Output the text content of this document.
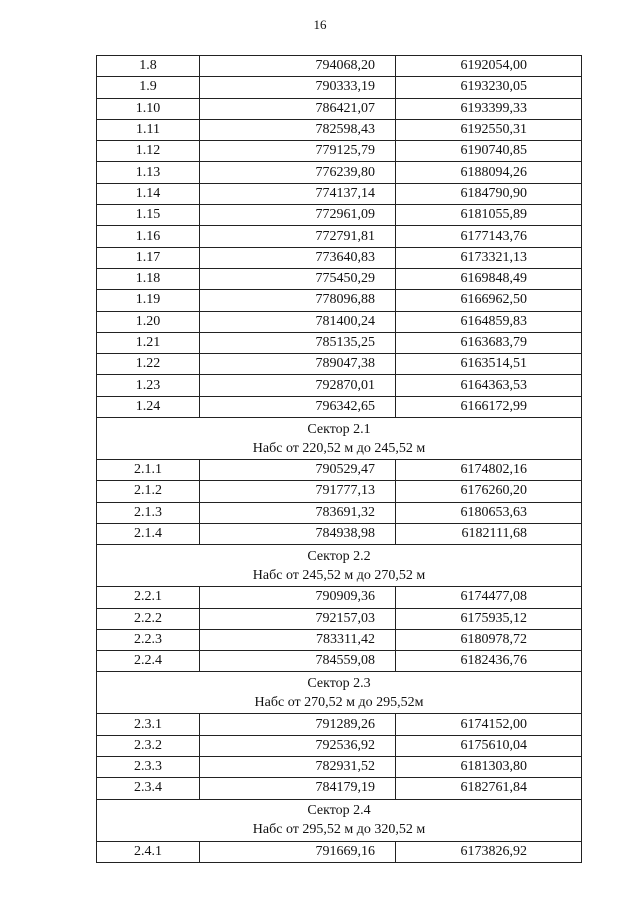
16
1.8	794068,20	6192054,00
1.9	790333,19	6193230,05
1.10	786421,07	6193399,33
1.11	782598,43	6192550,31
1.12	779125,79	6190740,85
1.13	776239,80	6188094,26
1.14	774137,14	6184790,90
1.15	772961,09	6181055,89
1.16	772791,81	6177143,76
1.17	773640,83	6173321,13
1.18	775450,29	6169848,49
1.19	778096,88	6166962,50
1.20	781400,24	6164859,83
1.21	785135,25	6163683,79
1.22	789047,38	6163514,51
1.23	792870,01	6164363,53
1.24	796342,65	6166172,99

Сектор 2.1
Набс от 220,52 м до 245,52 м		

2.1.1	790529,47	6174802,16
2.1.2	791777,13	6176260,20
2.1.3	783691,32	6180653,63
2.1.4	784938,98	6182111,68

Сектор 2.2
Набс от 245,52 м до 270,52 м		

2.2.1	790909,36	6174477,08
2.2.2	792157,03	6175935,12
2.2.3	783311,42	6180978,72
2.2.4	784559,08	6182436,76

Сектор 2.3
Набс от 270,52 м до 295,52м		

2.3.1	791289,26	6174152,00
2.3.2	792536,92	6175610,04
2.3.3	782931,52	6181303,80
2.3.4	784179,19	6182761,84

Сектор 2.4
Набс от 295,52 м до 320,52 м		

2.4.1	791669,16	6173826,92
